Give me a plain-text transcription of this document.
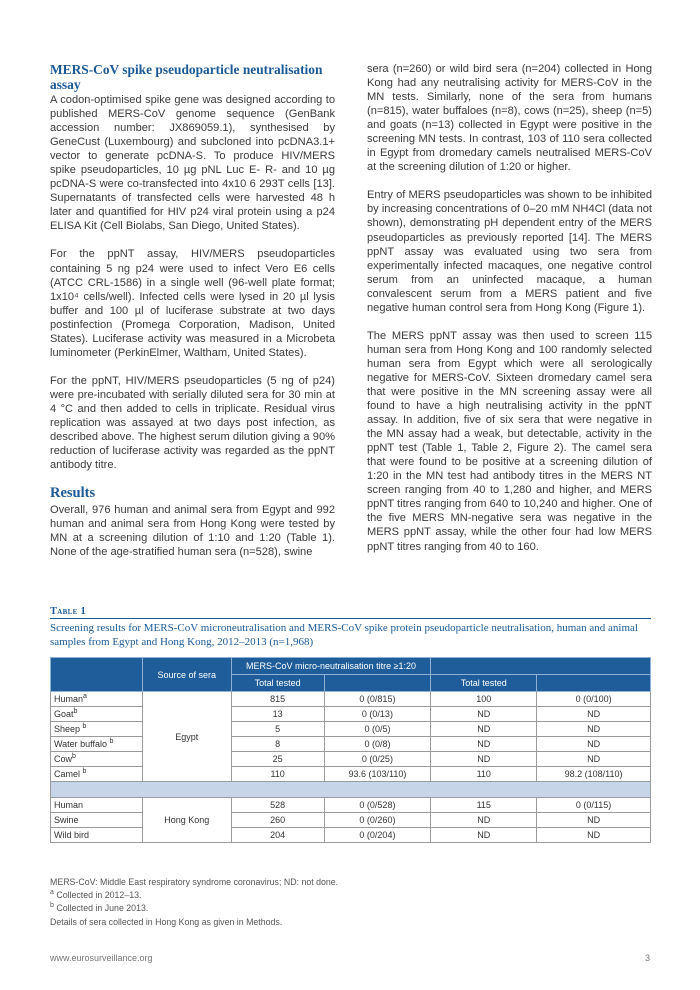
MERS-CoV spike pseudoparticle neutralisation assay

A codon-optimised spike gene was designed according to published MERS-CoV genome sequence (GenBank accession number: JX869059.1), synthesised by GeneCust (Luxembourg) and subcloned into pcDNA3.1+ vector to generate pcDNA-S. To produce HIV/MERS spike pseudoparticles, 10 µg pNL Luc E- R- and 10 µg pcDNA-S were co-transfected into 4x10 6 293T cells [13]. Supernatants of transfected cells were harvested 48 h later and quantified for HIV p24 viral protein using a p24 ELISA Kit (Cell Biolabs, San Diego, United States).

For the ppNT assay, HIV/MERS pseudoparticles containing 5 ng p24 were used to infect Vero E6 cells (ATCC CRL-1586) in a single well (96-well plate format; 1x10⁴ cells/well). Infected cells were lysed in 20 µl lysis buffer and 100 µl of luciferase substrate at two days postinfection (Promega Corporation, Madison, United States). Luciferase activity was measured in a Microbeta luminometer (PerkinElmer, Waltham, United States).

For the ppNT, HIV/MERS pseudoparticles (5 ng of p24) were pre-incubated with serially diluted sera for 30 min at 4 °C and then added to cells in triplicate. Residual virus replication was assayed at two days post infection, as described above. The highest serum dilution giving a 90% reduction of luciferase activity was regarded as the ppNT antibody titre.

Results

Overall, 976 human and animal sera from Egypt and 992 human and animal sera from Hong Kong were tested by MN at a screening dilution of 1:10 and 1:20 (Table 1). None of the age-stratified human sera (n=528), swine

sera (n=260) or wild bird sera (n=204) collected in Hong Kong had any neutralising activity for MERS-CoV in the MN tests. Similarly, none of the sera from humans (n=815), water buffaloes (n=8), cows (n=25), sheep (n=5) and goats (n=13) collected in Egypt were positive in the screening MN tests. In contrast, 103 of 110 sera collected in Egypt from dromedary camels neutralised MERS-CoV at the screening dilution of 1:20 or higher.

Entry of MERS pseudoparticles was shown to be inhibited by increasing concentrations of 0–20 mM NH4Cl (data not shown), demonstrating pH dependent entry of the MERS pseudoparticles as previously reported [14]. The MERS ppNT assay was evaluated using two sera from experimentally infected macaques, one negative control serum from an uninfected macaque, a human convalescent serum from a MERS patient and five negative human control sera from Hong Kong (Figure 1).

The MERS ppNT assay was then used to screen 115 human sera from Hong Kong and 100 randomly selected human sera from Egypt which were all serologically negative for MERS-CoV. Sixteen dromedary camel sera that were positive in the MN screening assay were all found to have a high neutralising activity in the ppNT assay. In addition, five of six sera that were negative in the MN assay had a weak, but detectable, activity in the ppNT test (Table 1, Table 2, Figure 2). The camel sera that were found to be positive at a screening dilution of 1:20 in the MN test had antibody titres in the MERS NT screen ranging from 40 to 1,280 and higher, and MERS ppNT titres ranging from 640 to 10,240 and higher. One of the five MERS MN-negative sera was negative in the MERS ppNT assay, while the other four had low MERS ppNT titres ranging from 40 to 160.

Table 1
Screening results for MERS-CoV microneutralisation and MERS-CoV spike protein pseudoparticle neutralisation, human and animal samples from Egypt and Hong Kong, 2012–2013 (n=1,968)
	Source of sera	MERS-CoV micro-neutralisation titre ≥1:20			
		Total tested		Total tested	
Human$^a$	Egypt	815	0 (0/815)	100	0 (0/100)
Goat$^b$		13	0 (0/13)	ND	ND
Sheep $^b$		5	0 (0/5)	ND	ND
Water buffalo $^b$		8	0 (0/8)	ND	ND
Cow$^b$		25	0 (0/25)	ND	ND
Camel $^b$		110	93.6 (103/110)	110	98.2 (108/110)

Human	Hong Kong	528	0 (0/528)	115	0 (0/115)
Swine		260	0 (0/260)	ND	ND
Wild bird		204	0 (0/204)	ND	ND
MERS-CoV: Middle East respiratory syndrome coronavirus; ND: not done.
$^a$ Collected in 2012–13.
$^b$ Collected in June 2013.
Details of sera collected in Hong Kong as given in Methods.
www.eurosurveillance.org	3
